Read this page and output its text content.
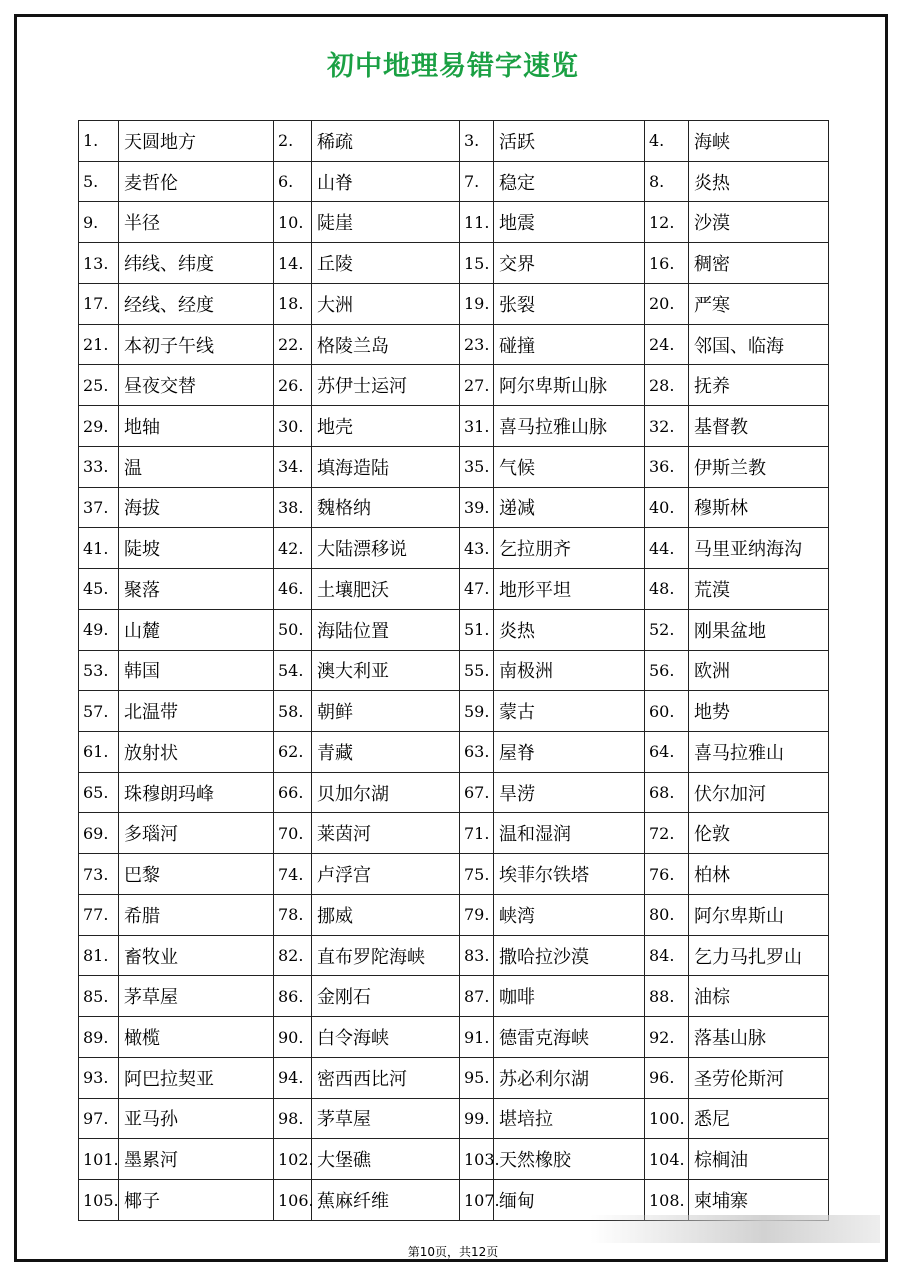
初中地理易错字速览
1.	天圆地方	2.	稀疏	3.	活跃	4.	海峡
5.	麦哲伦	6.	山脊	7.	稳定	8.	炎热
9.	半径	10.	陡崖	11.	地震	12.	沙漠
13.	纬线、纬度	14.	丘陵	15.	交界	16.	稠密
17.	经线、经度	18.	大洲	19.	张裂	20.	严寒
21.	本初子午线	22.	格陵兰岛	23.	碰撞	24.	邻国、临海
25.	昼夜交替	26.	苏伊士运河	27.	阿尔卑斯山脉	28.	抚养
29.	地轴	30.	地壳	31.	喜马拉雅山脉	32.	基督教
33.	温	34.	填海造陆	35.	气候	36.	伊斯兰教
37.	海拔	38.	魏格纳	39.	递减	40.	穆斯林
41.	陡坡	42.	大陆漂移说	43.	乞拉朋齐	44.	马里亚纳海沟
45.	聚落	46.	土壤肥沃	47.	地形平坦	48.	荒漠
49.	山麓	50.	海陆位置	51.	炎热	52.	刚果盆地
53.	韩国	54.	澳大利亚	55.	南极洲	56.	欧洲
57.	北温带	58.	朝鲜	59.	蒙古	60.	地势
61.	放射状	62.	青藏	63.	屋脊	64.	喜马拉雅山
65.	珠穆朗玛峰	66.	贝加尔湖	67.	旱涝	68.	伏尔加河
69.	多瑙河	70.	莱茵河	71.	温和湿润	72.	伦敦
73.	巴黎	74.	卢浮宫	75.	埃菲尔铁塔	76.	柏林
77.	希腊	78.	挪威	79.	峡湾	80.	阿尔卑斯山
81.	畜牧业	82.	直布罗陀海峡	83.	撒哈拉沙漠	84.	乞力马扎罗山
85.	茅草屋	86.	金刚石	87.	咖啡	88.	油棕
89.	橄榄	90.	白令海峡	91.	德雷克海峡	92.	落基山脉
93.	阿巴拉契亚	94.	密西西比河	95.	苏必利尔湖	96.	圣劳伦斯河
97.	亚马孙	98.	茅草屋	99.	堪培拉	100.	悉尼
101.	墨累河	102.	大堡礁	103.	天然橡胶	104.	棕榈油
105.	椰子	106.	蕉麻纤维	107.	缅甸	108.	柬埔寨
第10页，共12页
